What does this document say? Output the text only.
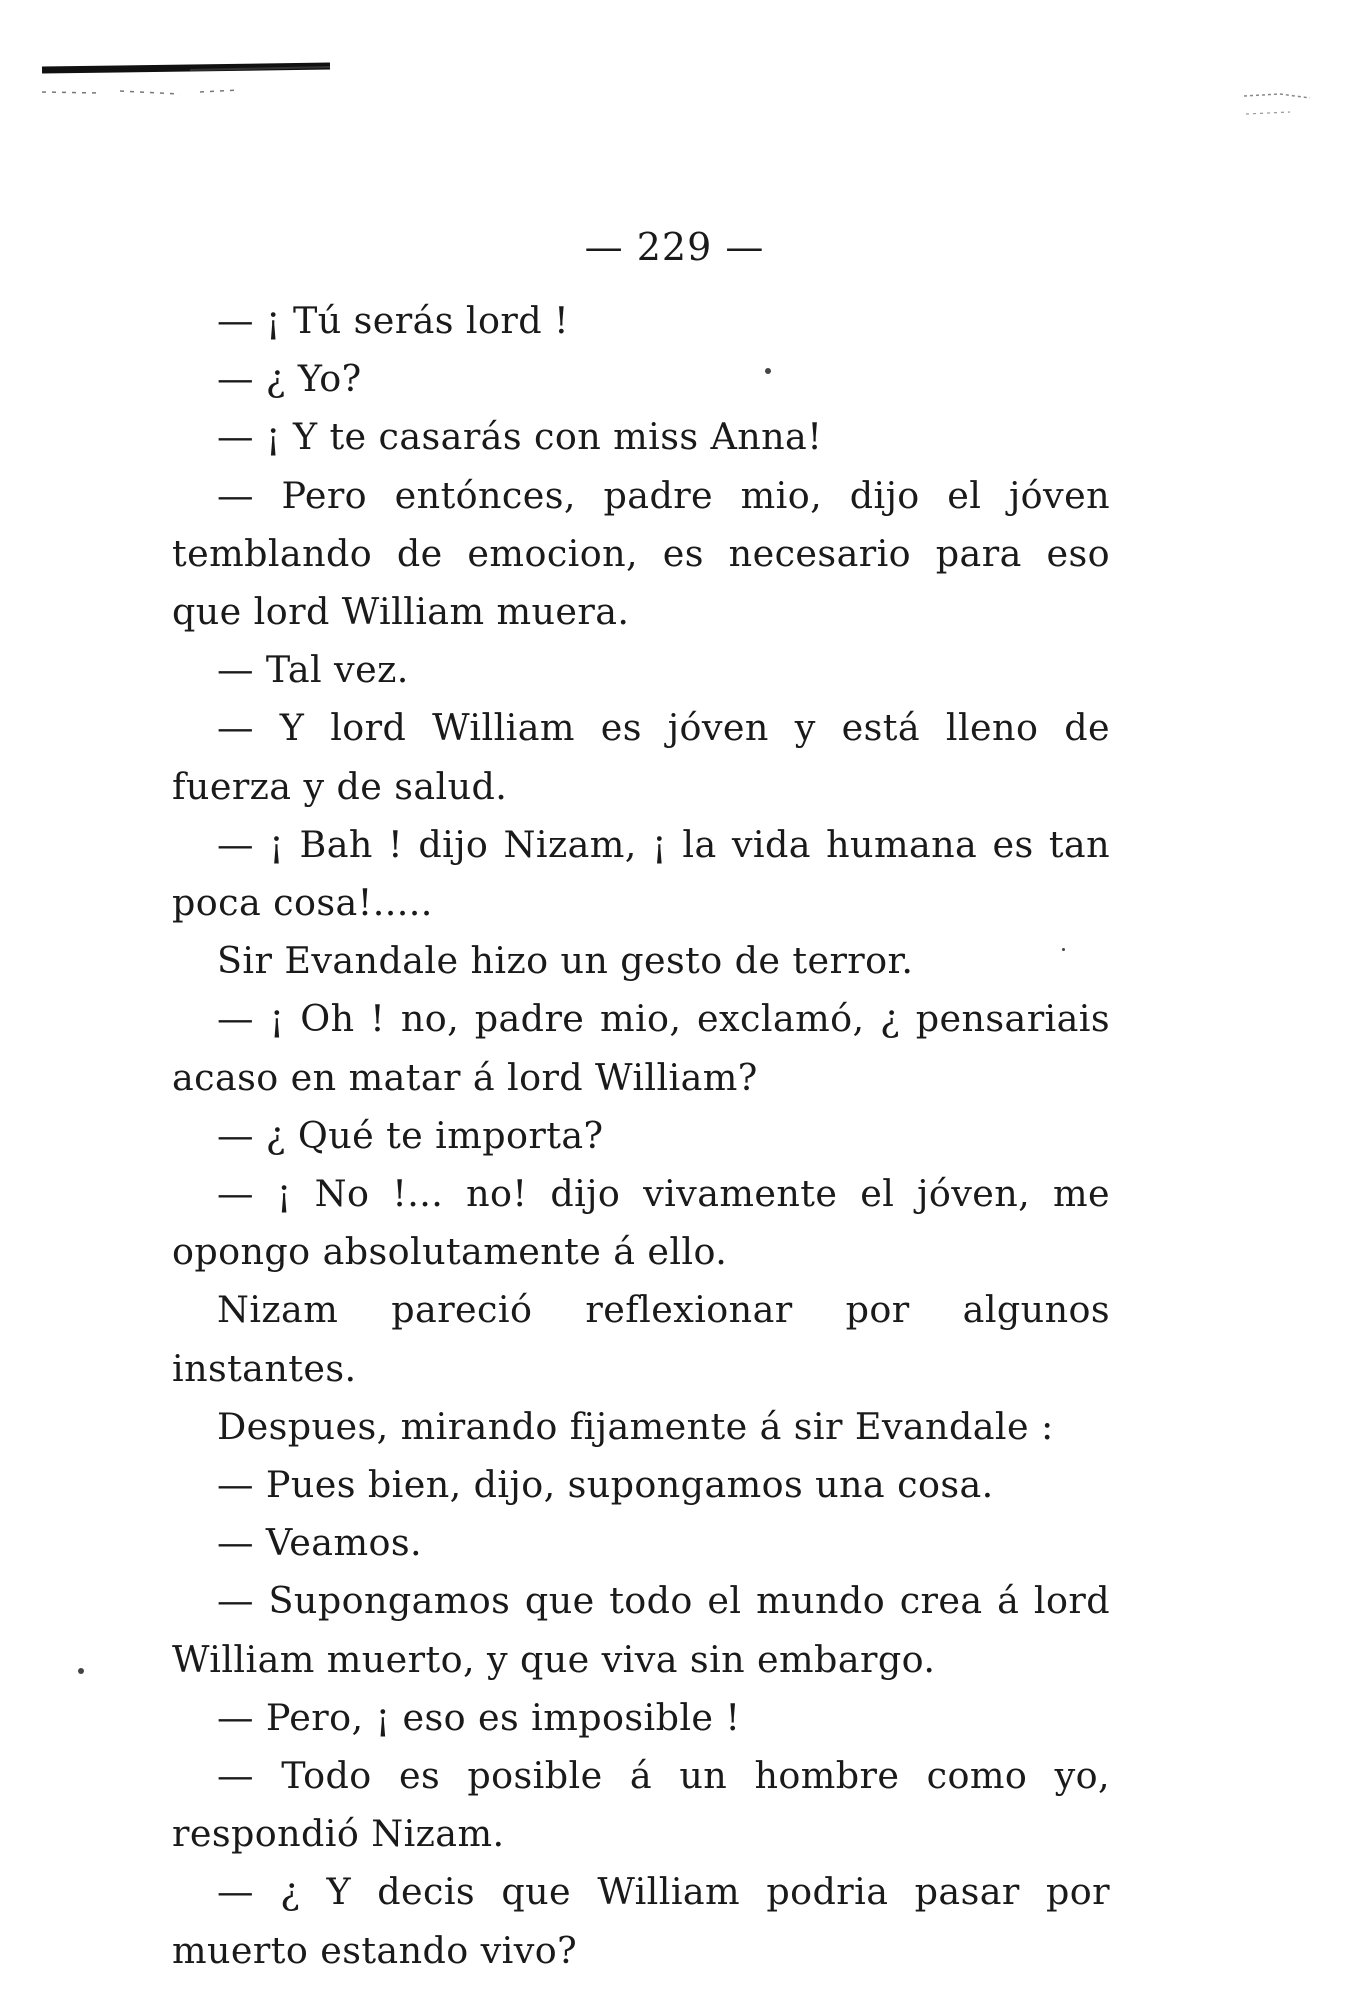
— 229 —

— ¡ Tú serás lord !

— ¿ Yo?

— ¡ Y te casarás con miss Anna!

— Pero entónces, padre mio, dijo el jóven temblando de emocion, es necesario para eso que lord William muera.

— Tal vez.

— Y lord William es jóven y está lleno de fuerza y de salud.

— ¡ Bah ! dijo Nizam, ¡ la vida humana es tan poca cosa!.....

Sir Evandale hizo un gesto de terror.

— ¡ Oh ! no, padre mio, exclamó, ¿ pensariais acaso en matar á lord William?

— ¿ Qué te importa?

— ¡ No !... no! dijo vivamente el jóven, me opongo absolutamente á ello.

Nizam pareció reflexionar por algunos instantes.

Despues, mirando fijamente á sir Evandale :

— Pues bien, dijo, supongamos una cosa.

— Veamos.

— Supongamos que todo el mundo crea á lord William muerto, y que viva sin embargo.

— Pero, ¡ eso es imposible !

— Todo es posible á un hombre como yo, respondió Nizam.

— ¿ Y decis que William podria pasar por muerto estando vivo?
